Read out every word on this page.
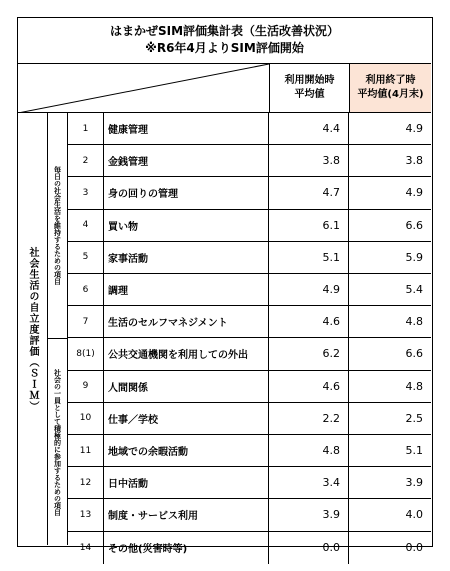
はまかぜSIM評価集計表（生活改善状況）
※R6年4月よりSIM評価開始
利用開始時
平均値
利用終了時
平均値(4月末)
社会生活の自立度評価（ＳＩＭ）
毎日の社会生活を維持するための項目
社会の一員として積極的に参加するための項目
1	健康管理	4.4	4.9
2	金銭管理	3.8	3.8
3	身の回りの管理	4.7	4.9
4	買い物	6.1	6.6
5	家事活動	5.1	5.9
6	調理	4.9	5.4
7	生活のセルフマネジメント	4.6	4.8
8(1)	公共交通機関を利用しての外出	6.2	6.6
9	人間関係	4.6	4.8
10	仕事／学校	2.2	2.5
11	地域での余暇活動	4.8	5.1
12	日中活動	3.4	3.9
13	制度・サービス利用	3.9	4.0
14	その他(災害時等)	0.0	0.0
